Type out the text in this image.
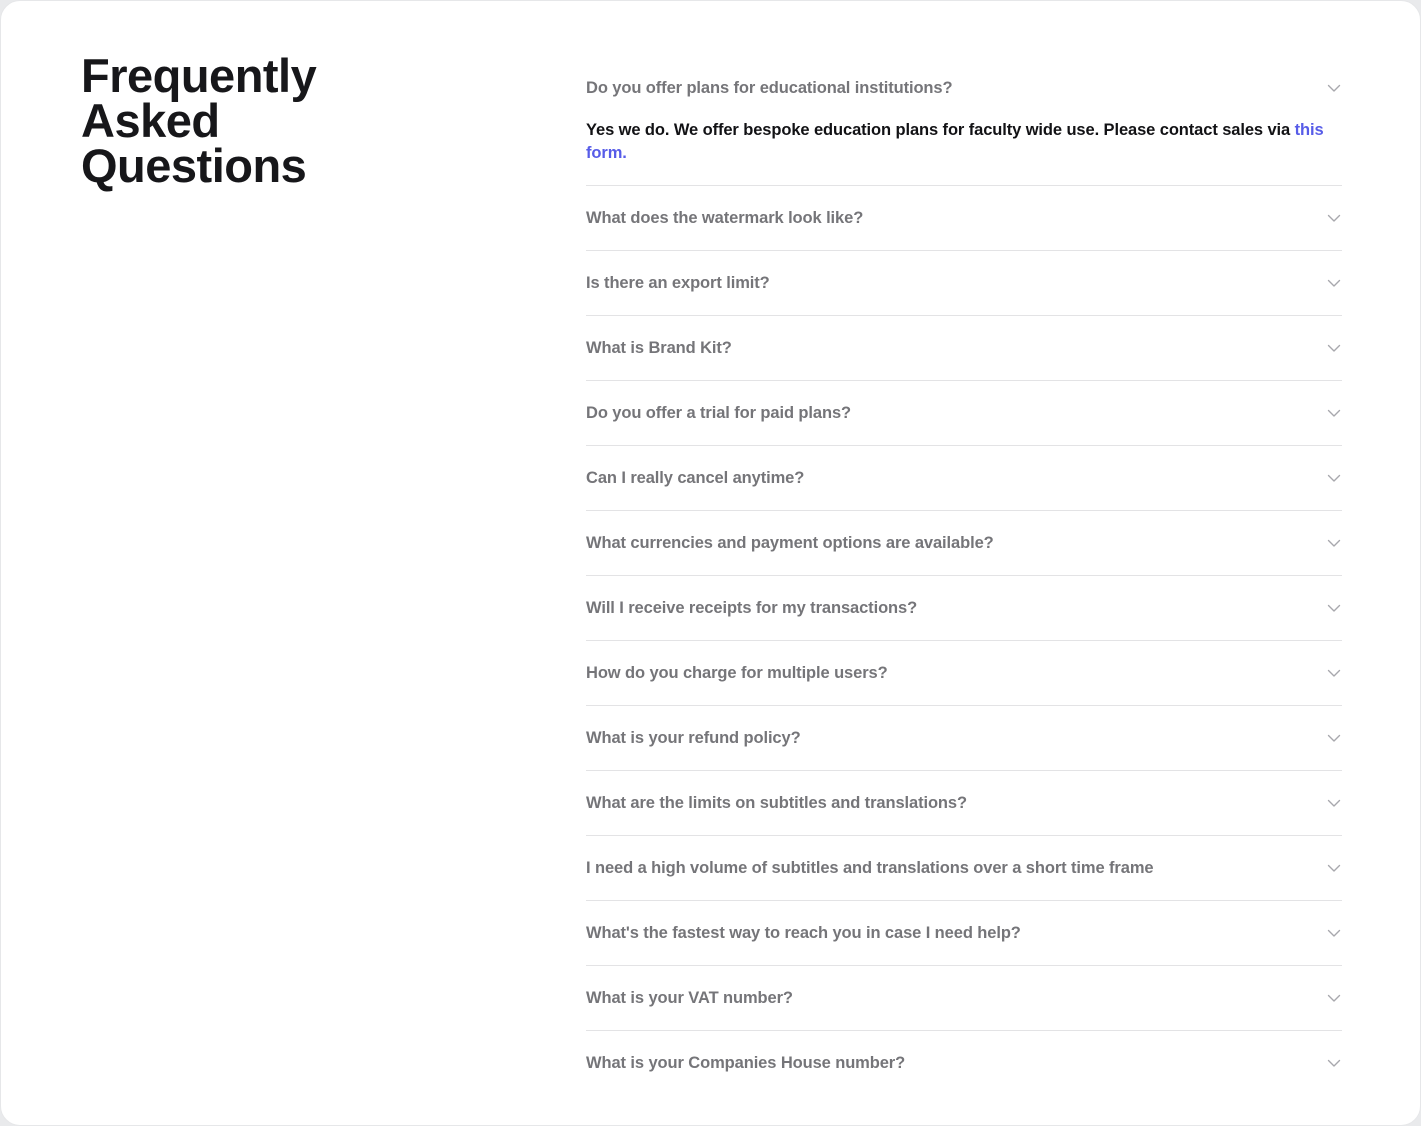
Frequently Asked Questions
Do you offer plans for educational institutions?
Yes we do. We offer bespoke education plans for faculty wide use. Please contact sales via this form.
What does the watermark look like?
Is there an export limit?
What is Brand Kit?
Do you offer a trial for paid plans?
Can I really cancel anytime?
What currencies and payment options are available?
Will I receive receipts for my transactions?
How do you charge for multiple users?
What is your refund policy?
What are the limits on subtitles and translations?
I need a high volume of subtitles and translations over a short time frame
What's the fastest way to reach you in case I need help?
What is your VAT number?
What is your Companies House number?
